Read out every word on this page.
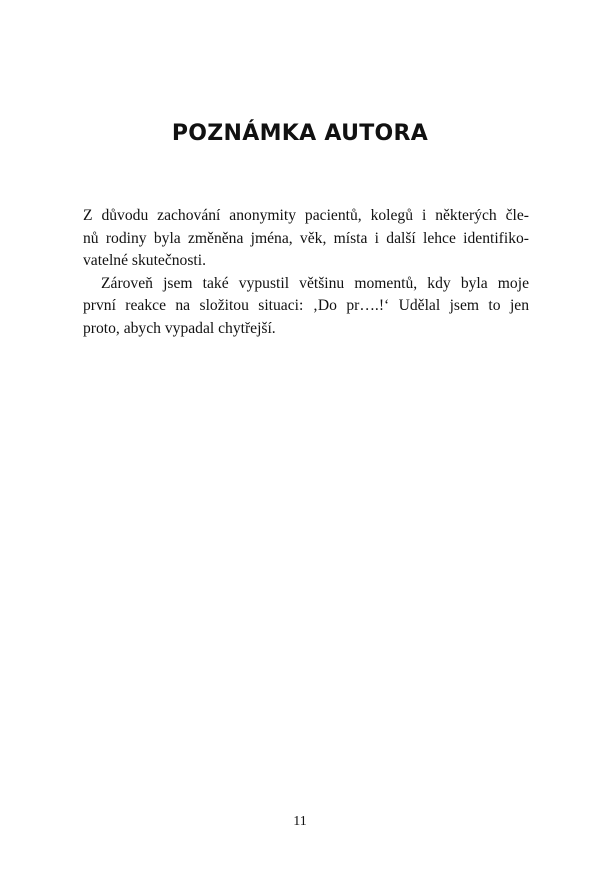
POZNÁMKA AUTORA

Z důvodu zachování anonymity pacientů, kolegů i některých čle-
nů rodiny byla změněna jména, věk, místa i další lehce identifiko-
vatelné skutečnosti.

Zároveň jsem také vypustil většinu momentů, kdy byla moje
první reakce na složitou situaci: ‚Do pr….!‘ Udělal jsem to jen
proto, abych vypadal chytřejší.

11
